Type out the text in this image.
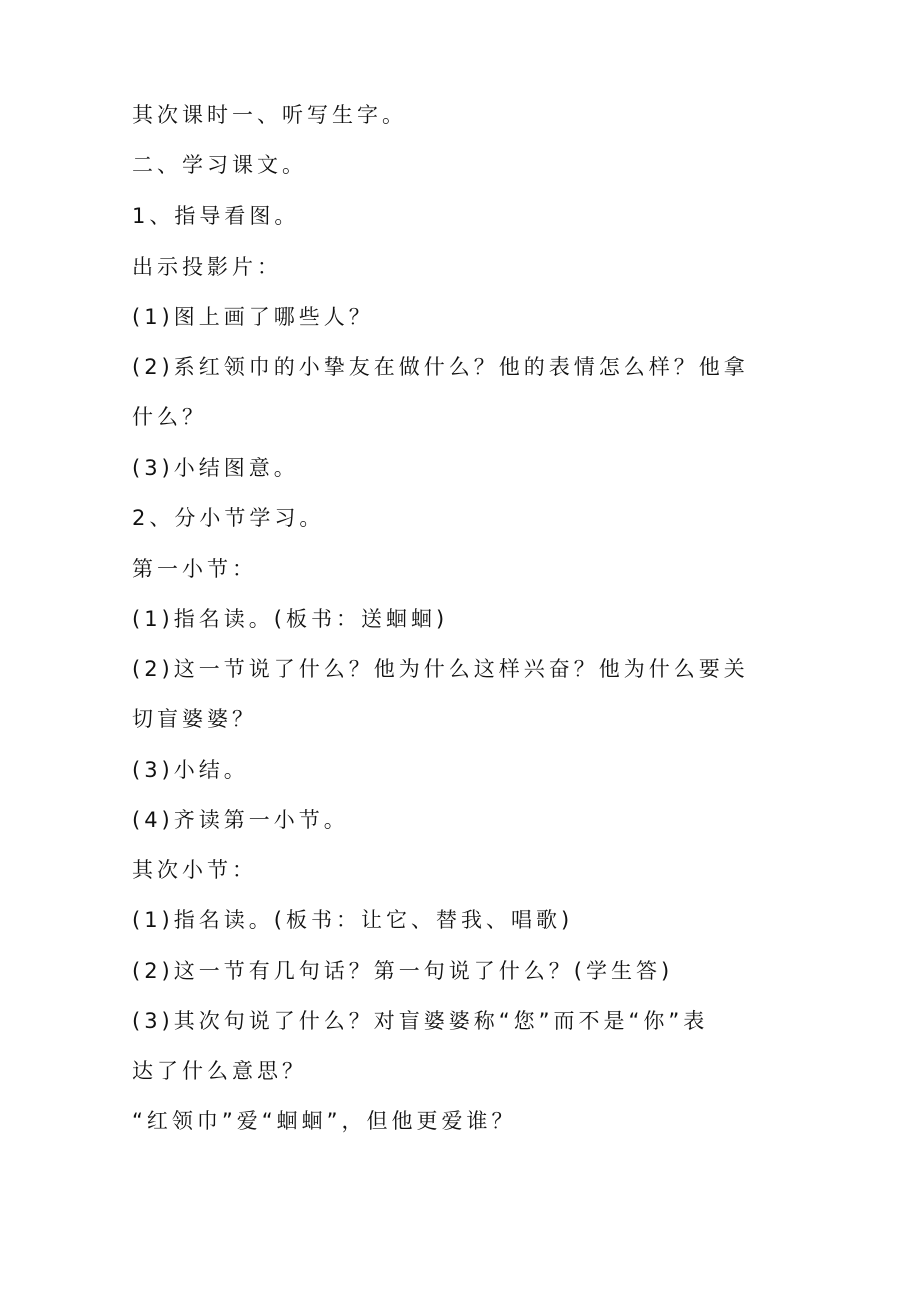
其次课时一、听写生字。
二、学习课文。
1、指导看图。
出示投影片：
(1)图上画了哪些人？
(2)系红领巾的小挚友在做什么？他的表情怎么样？他拿
什么？
(3)小结图意。
2、分小节学习。
第一小节：
(1)指名读。(板书：送蛔蛔)
(2)这一节说了什么？他为什么这样兴奋？他为什么要关
切盲婆婆？
(3)小结。
(4)齐读第一小节。
其次小节：
(1)指名读。(板书：让它、替我、唱歌)
(2)这一节有几句话？第一句说了什么？(学生答)
(3)其次句说了什么？对盲婆婆称“您”而不是“你”表
达了什么意思？
“红领巾”爱“蛔蛔”，但他更爱谁？
